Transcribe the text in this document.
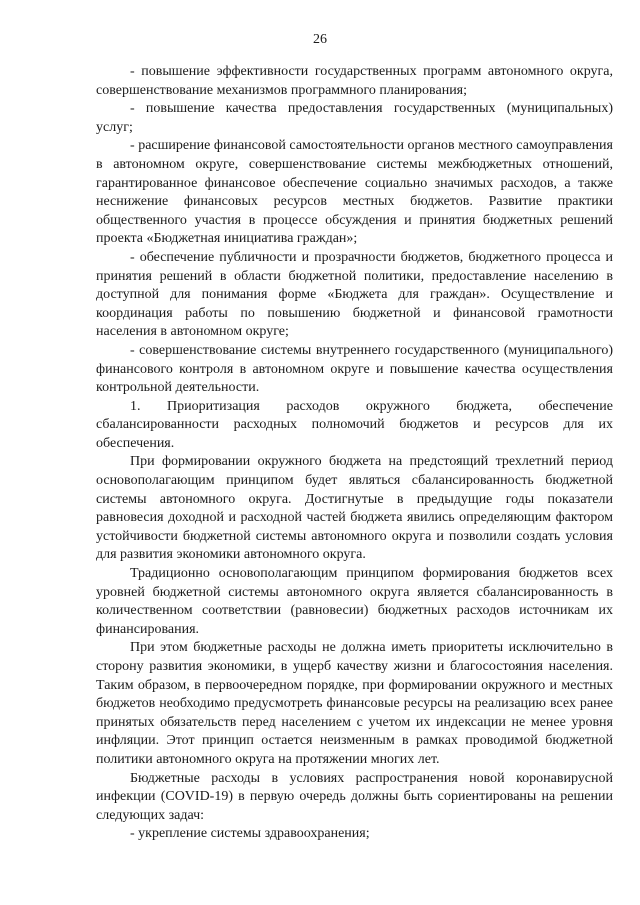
26

- повышение эффективности государственных программ автономного округа, совершенствование механизмов программного планирования;

- повышение качества предоставления государственных (муниципальных) услуг;

- расширение финансовой самостоятельности органов местного самоуправления в автономном округе, совершенствование системы межбюджетных отношений, гарантированное финансовое обеспечение социально значимых расходов, а также неснижение финансовых ресурсов местных бюджетов. Развитие практики общественного участия в процессе обсуждения и принятия бюджетных решений проекта «Бюджетная инициатива граждан»;

- обеспечение публичности и прозрачности бюджетов, бюджетного процесса и принятия решений в области бюджетной политики, предоставление населению в доступной для понимания форме «Бюджета для граждан». Осуществление и координация работы по повышению бюджетной и финансовой грамотности населения в автономном округе;

- совершенствование системы внутреннего государственного (муниципального) финансового контроля в автономном округе и повышение качества осуществления контрольной деятельности.

1. Приоритизация расходов окружного бюджета, обеспечение сбалансированности расходных полномочий бюджетов и ресурсов для их обеспечения.

При формировании окружного бюджета на предстоящий трехлетний период основополагающим принципом будет являться сбалансированность бюджетной системы автономного округа. Достигнутые в предыдущие годы показатели равновесия доходной и расходной частей бюджета явились определяющим фактором устойчивости бюджетной системы автономного округа и позволили создать условия для развития экономики автономного округа.

Традиционно основополагающим принципом формирования бюджетов всех уровней бюджетной системы автономного округа является сбалансированность в количественном соответствии (равновесии) бюджетных расходов источникам их финансирования.

При этом бюджетные расходы не должна иметь приоритеты исключительно в сторону развития экономики, в ущерб качеству жизни и благосостояния населения. Таким образом, в первоочередном порядке, при формировании окружного и местных бюджетов необходимо предусмотреть финансовые ресурсы на реализацию всех ранее принятых обязательств перед населением с учетом их индексации не менее уровня инфляции. Этот принцип остается неизменным в рамках проводимой бюджетной политики автономного округа на протяжении многих лет.

Бюджетные расходы в условиях распространения новой коронавирусной инфекции (COVID-19) в первую очередь должны быть сориентированы на решении следующих задач:

- укрепление системы здравоохранения;
